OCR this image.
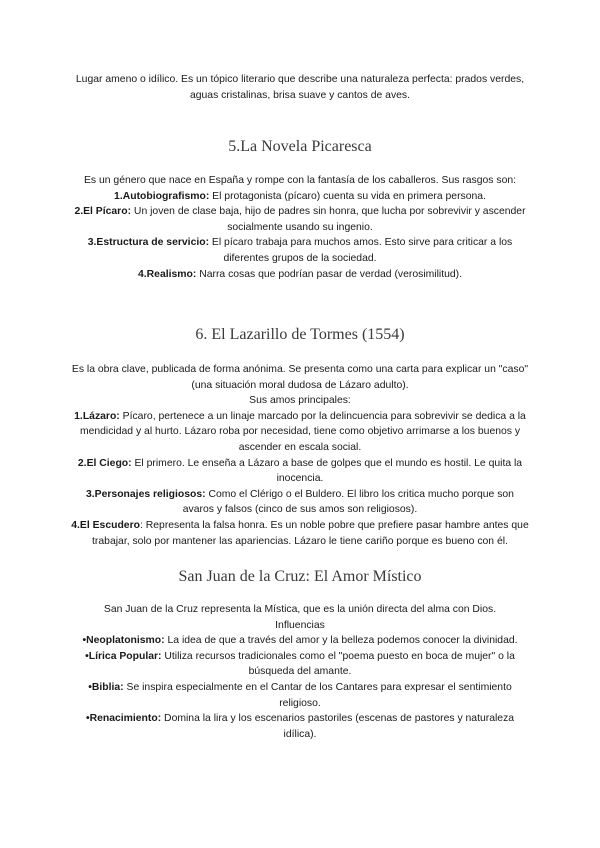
Lugar ameno o idílico. Es un tópico literario que describe una naturaleza perfecta: prados verdes, aguas cristalinas, brisa suave y cantos de aves.

5.La Novela Picaresca

Es un género que nace en España y rompe con la fantasía de los caballeros. Sus rasgos son:

1.Autobiografismo: El protagonista (pícaro) cuenta su vida en primera persona.

2.El Pícaro: Un joven de clase baja, hijo de padres sin honra, que lucha por sobrevivir y ascender socialmente usando su ingenio.

3.Estructura de servicio: El pícaro trabaja para muchos amos. Esto sirve para criticar a los diferentes grupos de la sociedad.

4.Realismo: Narra cosas que podrían pasar de verdad (verosimilitud).

6. El Lazarillo de Tormes (1554)

Es la obra clave, publicada de forma anónima. Se presenta como una carta para explicar un "caso" (una situación moral dudosa de Lázaro adulto).

Sus amos principales:

1.Lázaro: Pícaro, pertenece a un linaje marcado por la delincuencia para sobrevivir se dedica a la mendicidad y al hurto. Lázaro roba por necesidad, tiene como objetivo arrimarse a los buenos y ascender en escala social.

2.El Ciego: El primero. Le enseña a Lázaro a base de golpes que el mundo es hostil. Le quita la inocencia.

3.Personajes religiosos: Como el Clérigo o el Buldero. El libro los critica mucho porque son avaros y falsos (cinco de sus amos son religiosos).

4.El Escudero: Representa la falsa honra. Es un noble pobre que prefiere pasar hambre antes que trabajar, solo por mantener las apariencias. Lázaro le tiene cariño porque es bueno con él.

San Juan de la Cruz: El Amor Místico

San Juan de la Cruz representa la Mística, que es la unión directa del alma con Dios.

Influencias

•Neoplatonismo: La idea de que a través del amor y la belleza podemos conocer la divinidad.

•Lírica Popular: Utiliza recursos tradicionales como el "poema puesto en boca de mujer" o la búsqueda del amante.

•Biblia: Se inspira especialmente en el Cantar de los Cantares para expresar el sentimiento religioso.

•Renacimiento: Domina la lira y los escenarios pastoriles (escenas de pastores y naturaleza idílica).
